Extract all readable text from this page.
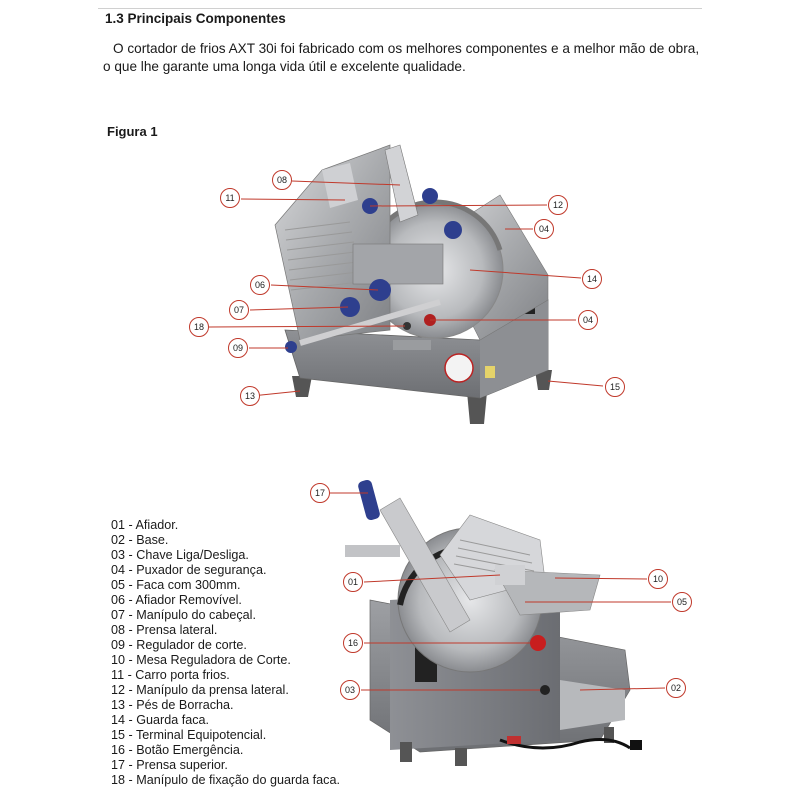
1.3 Principais Componentes

O cortador de frios AXT 30i foi fabricado com os melhores componentes e a melhor mão de obra,

o que lhe garante uma longa vida útil e excelente qualidade.

Figura 1
08
11
12
04
14
06
07
04
18
09
13
15
17
01	10
05
16
03	02
01 - Afiador.
02 - Base.
03 - Chave Liga/Desliga.
04 - Puxador de segurança.
05 - Faca com 300mm.
06 - Afiador Removível.
07 - Manípulo do cabeçal.
08 - Prensa lateral.
09 - Regulador de corte.
10 - Mesa Reguladora de Corte.
11 - Carro porta frios.
12 - Manípulo da prensa lateral.
13 - Pés de Borracha.
14 - Guarda faca.
15 - Terminal Equipotencial.
16 - Botão Emergência.
17 - Prensa superior.
18 - Manípulo de fixação do guarda faca.
